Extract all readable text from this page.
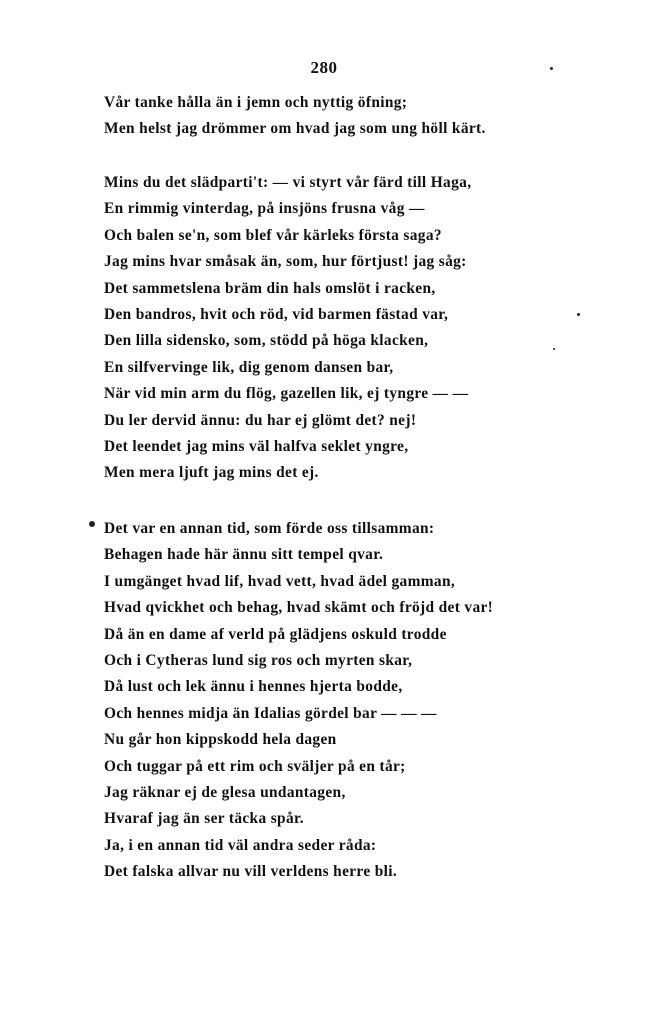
280
Vår tanke hålla än i jemn och nyttig öfning;
Men helst jag drömmer om hvad jag som ung höll kärt.
Mins du det slädparti't: — vi styrt vår färd till Haga,
En rimmig vinterdag, på insjöns frusna våg —
Och balen se'n, som blef vår kärleks första saga?
Jag mins hvar småsak än, som, hur förtjust! jag såg:
Det sammetslena bräm din hals omslöt i racken,
Den bandros, hvit och röd, vid barmen fästad var,
Den lilla sidensko, som, stödd på höga klacken,
En silfvervinge lik, dig genom dansen bar,
När vid min arm du flög, gazellen lik, ej tyngre — —
Du ler dervid ännu: du har ej glömt det? nej!
Det leendet jag mins väl halfva seklet yngre,
Men mera ljuft jag mins det ej.
Det var en annan tid, som förde oss tillsamman:
Behagen hade här ännu sitt tempel qvar.
I umgänget hvad lif, hvad vett, hvad ädel gamman,
Hvad qvickhet och behag, hvad skämt och fröjd det var!
Då än en dame af verld på glädjens oskuld trodde
Och i Cytheras lund sig ros och myrten skar,
Då lust och lek ännu i hennes hjerta bodde,
Och hennes midja än Idalias gördel bar — — —
Nu går hon kippskodd hela dagen
Och tuggar på ett rim och sväljer på en tår;
Jag räknar ej de glesa undantagen,
Hvaraf jag än ser täcka spår.
Ja, i en annan tid väl andra seder råda:
Det falska allvar nu vill verldens herre bli.
